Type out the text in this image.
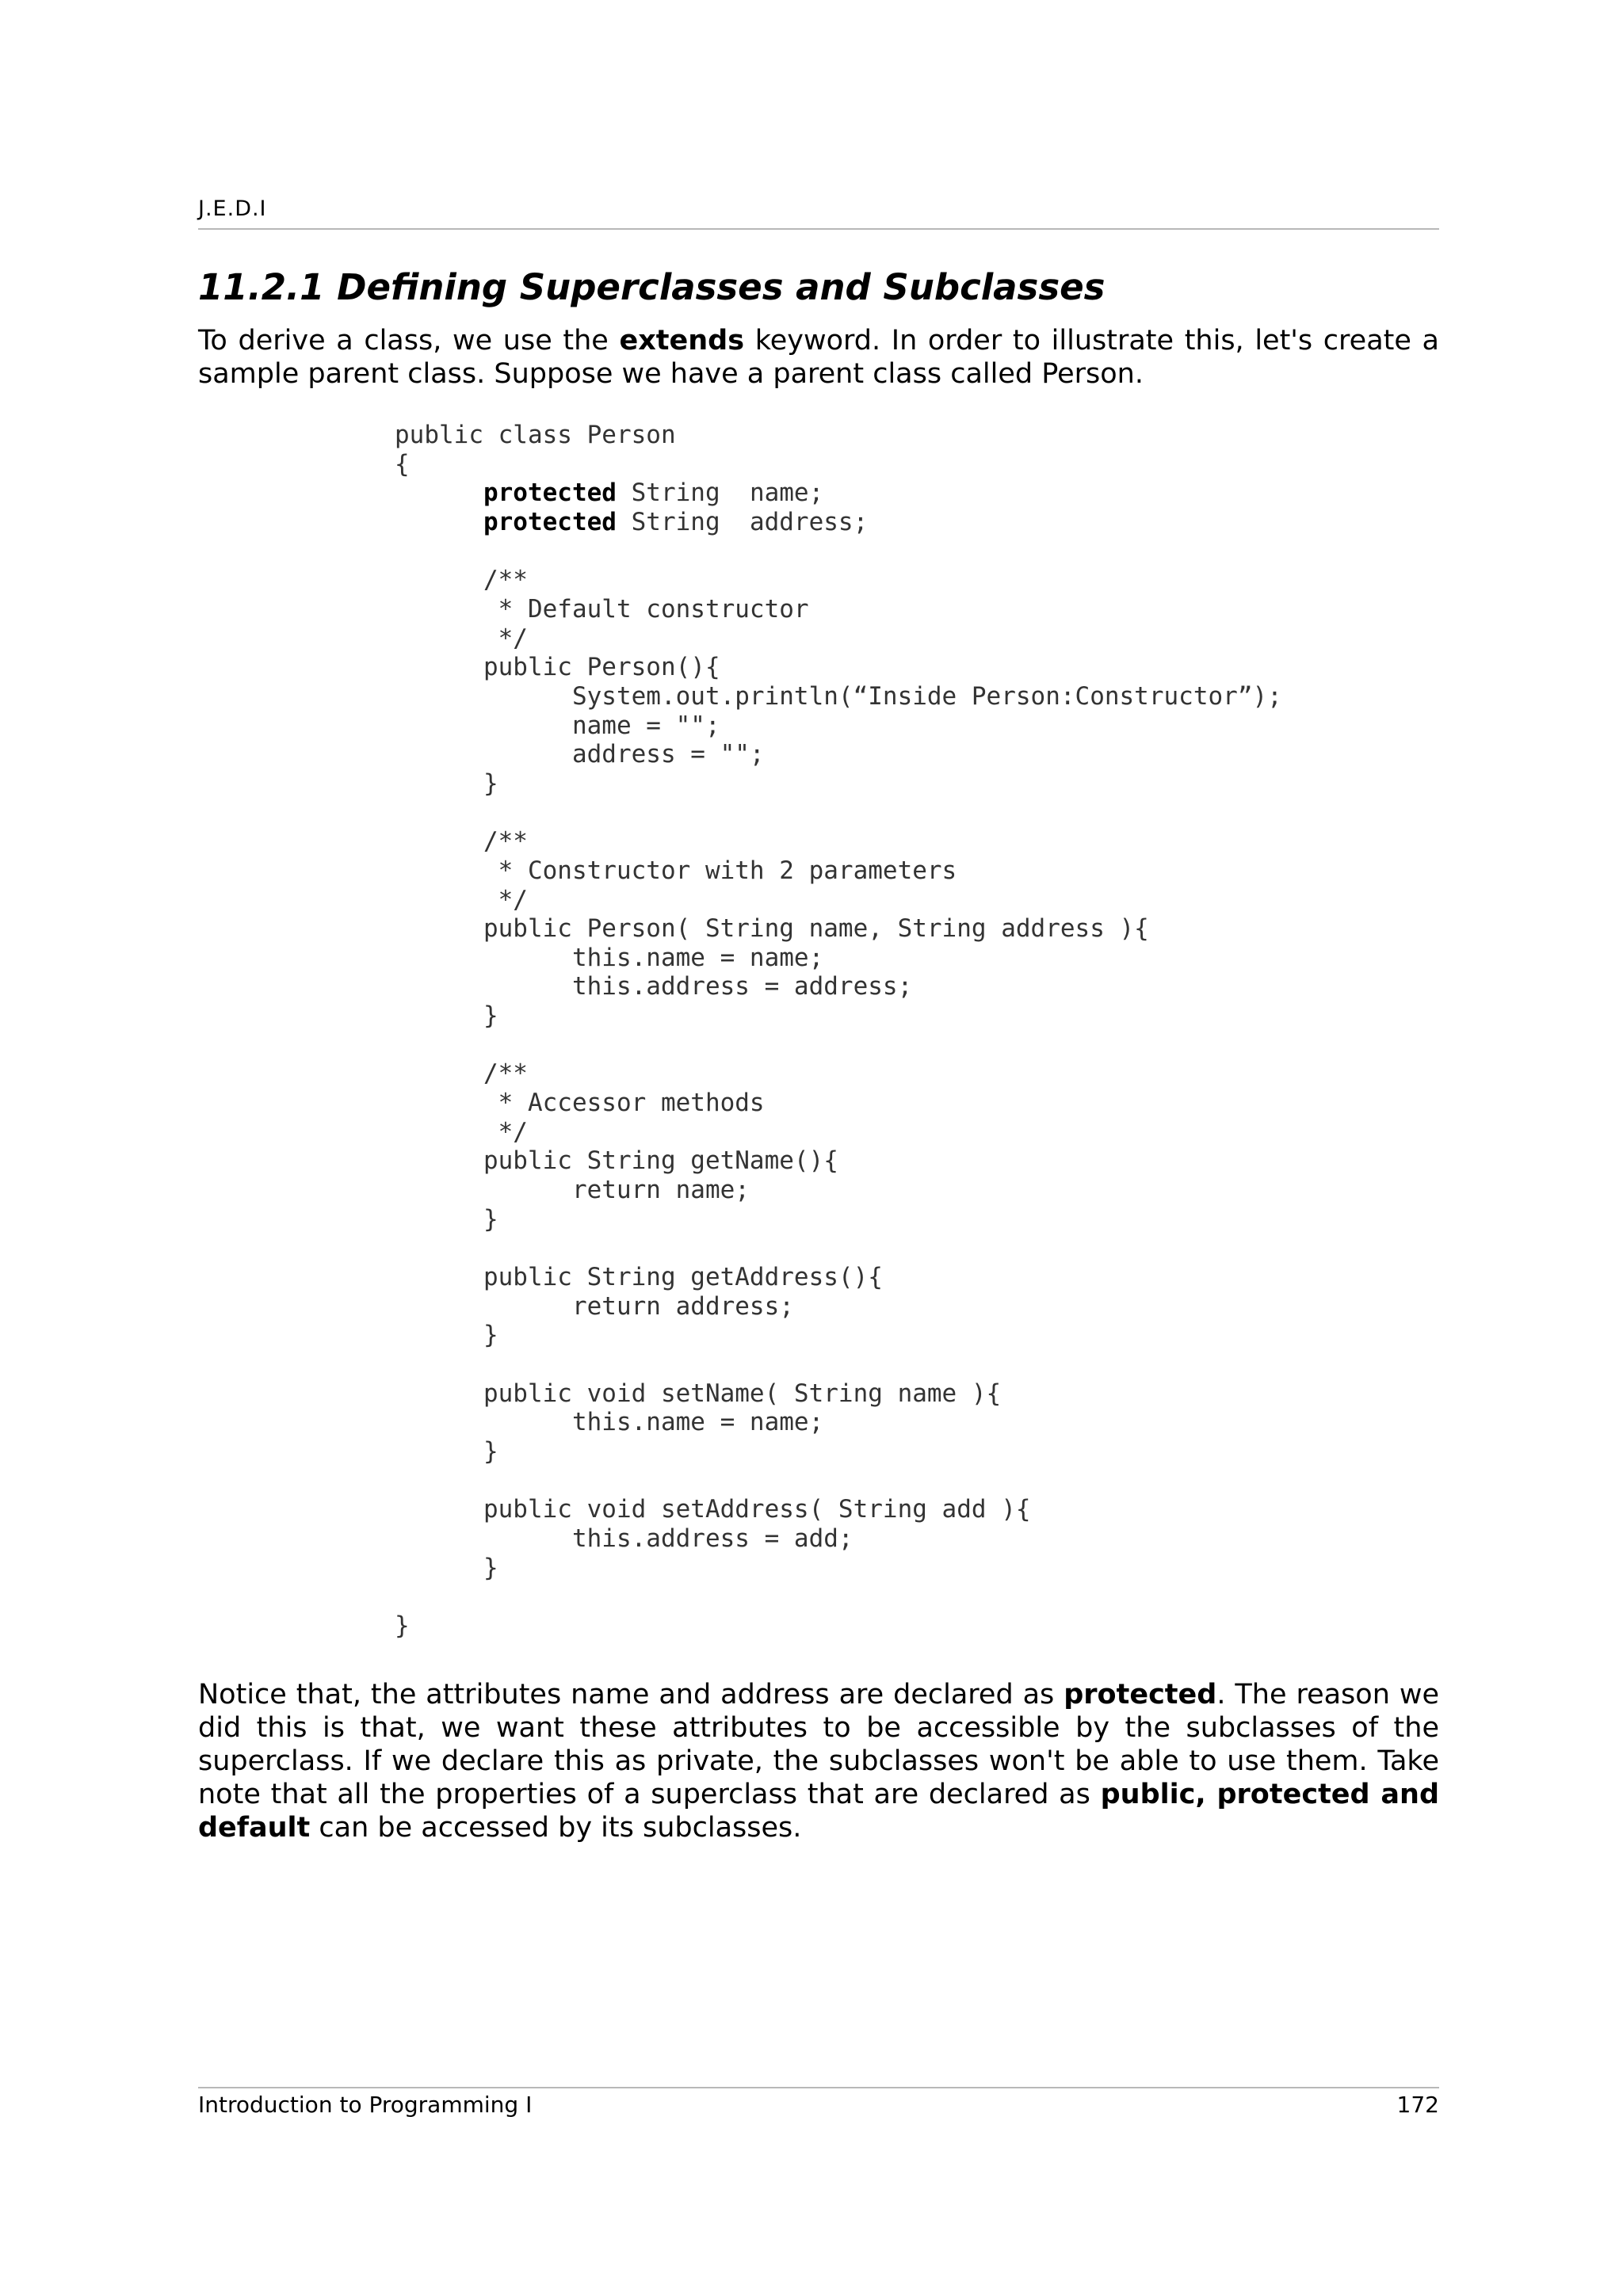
J.E.D.I
11.2.1 Defining Superclasses and Subclasses

To derive a class, we use the extends keyword. In order to illustrate this, let's create a sample parent class. Suppose we have a parent class called Person.

public class Person
{
	protected String  name;
	protected String  address;

	/**
	* Default constructor
	*/
	public Person(){
		System.out.println(“Inside Person:Constructor”);
		name = "";
		address = "";
	}

	/**
	* Constructor with 2 parameters
	*/
	public Person( String name, String address ){
		this.name = name;
		this.address = address;
	}

	/**
	* Accessor methods
	*/
	public String getName(){
		return name;
	}

	public String getAddress(){
		return address;
	}

	public void setName( String name ){
		this.name = name;
	}

	public void setAddress( String add ){
		this.address = add;
	}

}

Notice that, the attributes name and address are declared as protected. The reason we did this is that, we want these attributes to be accessible by the subclasses of the superclass. If we declare this as private, the subclasses won't be able to use them. Take note that all the properties of a superclass that are declared as public, protected and default can be accessed by its subclasses.

Introduction to Programming I	172
